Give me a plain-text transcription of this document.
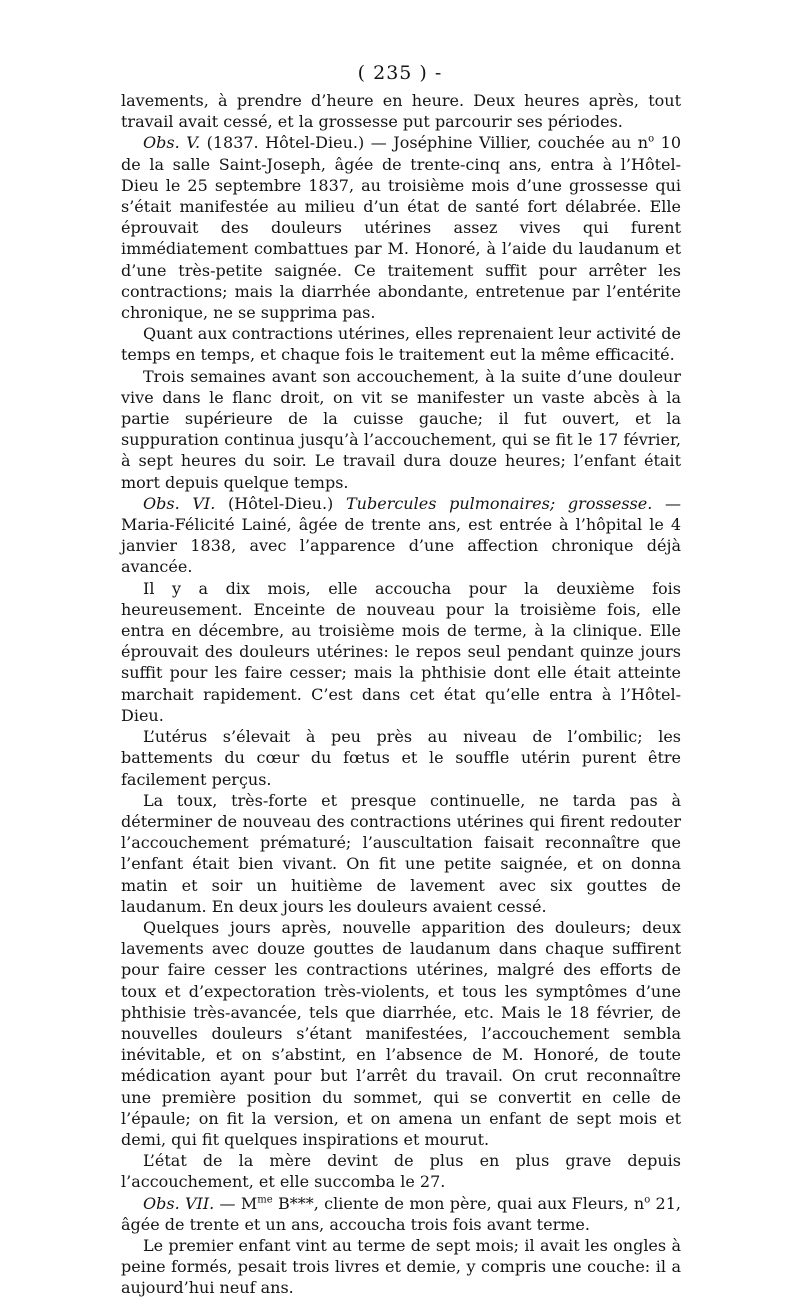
( 235 ) -

lavements, à prendre d’heure en heure. Deux heures après, tout travail avait cessé, et la grossesse put parcourir ses périodes.

Obs. V. (1837. Hôtel-Dieu.) — Joséphine Villier, couchée au $n^o$ 10 de la salle Saint-Joseph, âgée de trente-cinq ans, entra à l’Hôtel-Dieu le 25 septembre 1837, au troisième mois d’une grossesse qui s’était manifestée au milieu d’un état de santé fort délabrée. Elle éprouvait des douleurs utérines assez vives qui furent immédiatement combattues par M. Honoré, à l’aide du laudanum et d’une très-petite saignée. Ce traitement suffit pour arrêter les contractions; mais la diarrhée abondante, entretenue par l’entérite chronique, ne se supprima pas.

Quant aux contractions utérines, elles reprenaient leur activité de temps en temps, et chaque fois le traitement eut la même efficacité.

Trois semaines avant son accouchement, à la suite d’une douleur vive dans le flanc droit, on vit se manifester un vaste abcès à la partie supérieure de la cuisse gauche; il fut ouvert, et la suppuration continua jusqu’à l’accouchement, qui se fit le 17 février, à sept heures du soir. Le travail dura douze heures; l’enfant était mort depuis quelque temps.

Obs. VI. (Hôtel-Dieu.) Tubercules pulmonaires; grossesse. — Maria-Félicité Lainé, âgée de trente ans, est entrée à l’hôpital le 4 janvier 1838, avec l’apparence d’une affection chronique déjà avancée.

Il y a dix mois, elle accoucha pour la deuxième fois heureusement. Enceinte de nouveau pour la troisième fois, elle entra en décembre, au troisième mois de terme, à la clinique. Elle éprouvait des douleurs utérines: le repos seul pendant quinze jours suffit pour les faire cesser; mais la phthisie dont elle était atteinte marchait rapidement. C’est dans cet état qu’elle entra à l’Hôtel-Dieu.

L’utérus s’élevait à peu près au niveau de l’ombilic; les battements du cœur du fœtus et le souffle utérin purent être facilement perçus.

La toux, très-forte et presque continuelle, ne tarda pas à déterminer de nouveau des contractions utérines qui firent redouter l’accouchement prématuré; l’auscultation faisait reconnaître que l’enfant était bien vivant. On fit une petite saignée, et on donna matin et soir un huitième de lavement avec six gouttes de laudanum. En deux jours les douleurs avaient cessé.

Quelques jours après, nouvelle apparition des douleurs; deux lavements avec douze gouttes de laudanum dans chaque suffirent pour faire cesser les contractions utérines, malgré des efforts de toux et d’expectoration très-violents, et tous les symptômes d’une phthisie très-avancée, tels que diarrhée, etc. Mais le 18 février, de nouvelles douleurs s’étant manifestées, l’accouchement sembla inévitable, et on s’abstint, en l’absence de M. Honoré, de toute médication ayant pour but l’arrêt du travail. On crut reconnaître une première position du sommet, qui se convertit en celle de l’épaule; on fit la version, et on amena un enfant de sept mois et demi, qui fit quelques inspirations et mourut.

L’état de la mère devint de plus en plus grave depuis l’accouchement, et elle succomba le 27.

Obs. VII. — $M^{me}$ B***, cliente de mon père, quai aux Fleurs, $n^o$ 21, âgée de trente et un ans, accoucha trois fois avant terme.

Le premier enfant vint au terme de sept mois; il avait les ongles à peine formés, pesait trois livres et demie, y compris une couche: il a aujourd’hui neuf ans.
